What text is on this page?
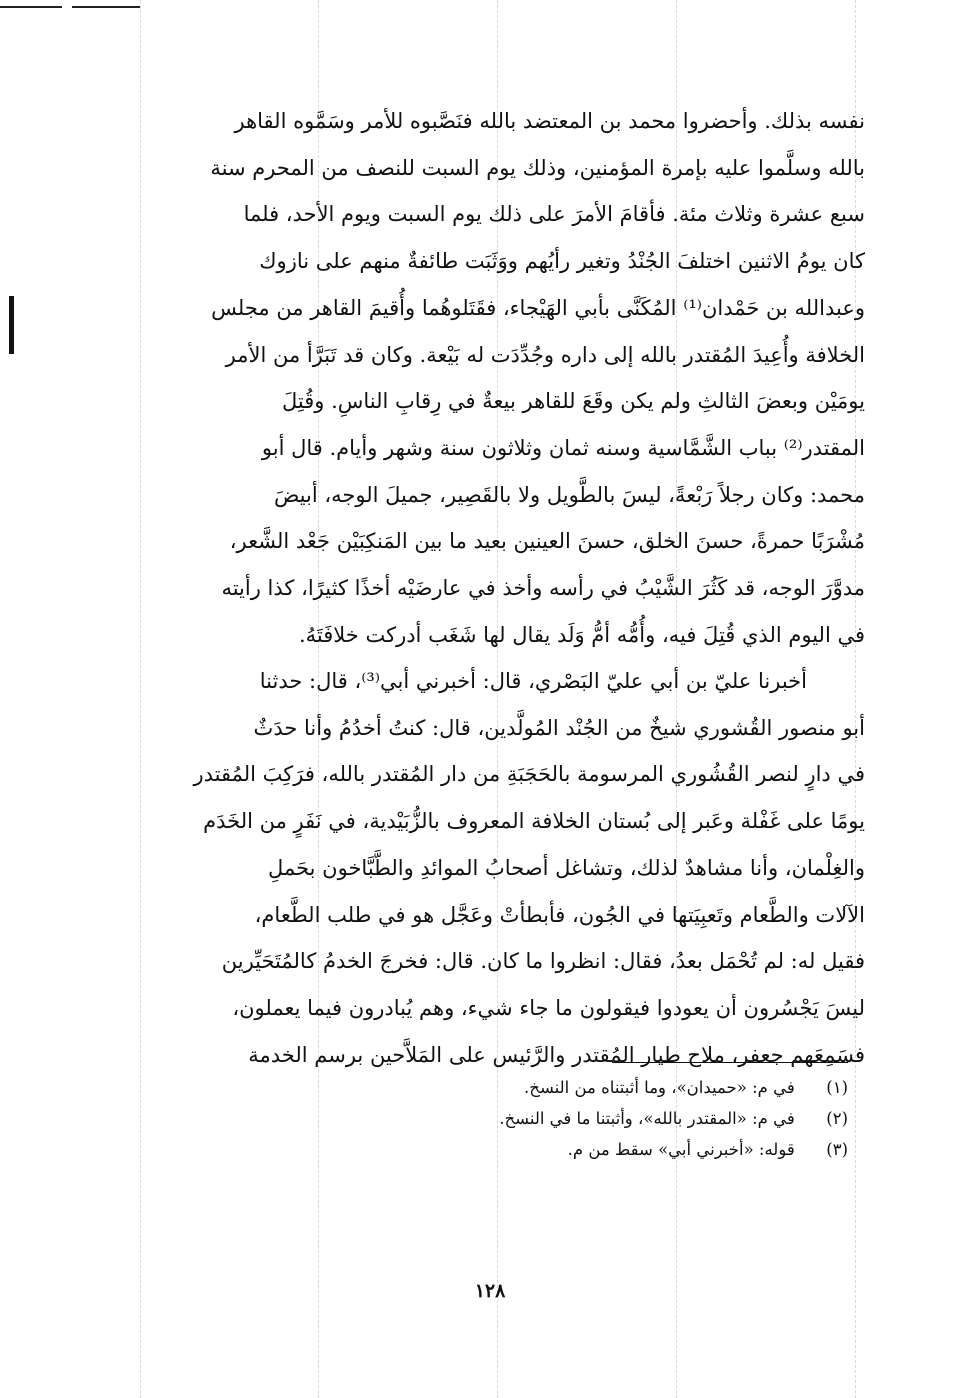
نفسه بذلك. وأحضروا محمد بن المعتضد بالله فنَصَّبوه للأمر وسَمَّوه القاهر
بالله وسلَّموا عليه بإمرة المؤمنين، وذلك يوم السبت للنصف من المحرم سنة
سبع عشرة وثلاث مئة. فأقامَ الأمرَ على ذلك يوم السبت ويوم الأحد، فلما
كان يومُ الاثنين اختلفَ الجُنْدُ وتغير رأيُهم ووَثَبَت طائفةٌ منهم على نازوك
وعبدالله بن حَمْدان⁽¹⁾ المُكَنَّى بأبي الهَيْجاء، فقَتَلوهُما وأُقيمَ القاهر من مجلس
الخلافة وأُعِيدَ المُقتدر بالله إلى داره وجُدِّدَت له بَيْعة. وكان قد تَبَرَّأ من الأمر
يومَيْن وبعضَ الثالثِ ولم يكن وقَعَ للقاهر بيعةٌ في رِقابِ الناسِ. وقُتِلَ
المقتدر⁽²⁾ بباب الشَّمَّاسية وسنه ثمان وثلاثون سنة وشهر وأيام. قال أبو
محمد: وكان رجلاً رَبْعةً، ليسَ بالطَّويل ولا بالقَصِير، جميلَ الوجه، أبيضَ
مُشْرَبًا حمرةً، حسنَ الخلق، حسنَ العينين بعيد ما بين المَنكِبَيْن جَعْد الشَّعر،
مدوَّرَ الوجه، قد كَثُرَ الشَّيْبُ في رأسه وأخذ في عارضَيْه أخذًا كثيرًا، كذا رأيته
في اليوم الذي قُتِلَ فيه، وأُمُّه أمُّ وَلَد يقال لها شَغَب أدركت خلافَتَهُ.
أخبرنا عليّ بن أبي عليّ البَصْري، قال: أخبرني أبي⁽³⁾، قال: حدثنا
أبو منصور القُشوري شيخٌ من الجُنْد المُولَّدين، قال: كنتُ أخدُمُ وأنا حدَثٌ
في دارٍ لنصر القُشُوري المرسومة بالحَجَبَةِ من دار المُقتدر بالله، فرَكِبَ المُقتدر
يومًا على غَفْلة وعَبر إلى بُستان الخلافة المعروف بالزُّبَيْدية، في نَفَرٍ من الخَدَم
والغِلْمان، وأنا مشاهدٌ لذلك، وتشاغل أصحابُ الموائدِ والطَّبَّاخون بحَملِ
الآلات والطَّعام وتَعبِيَتها في الجُون، فأبطأتْ وعَجَّل هو في طلب الطَّعام،
فقيل له: لم تُحْمَل بعدُ، فقال: انظروا ما كان. قال: فخرجَ الخدمُ كالمُتَحَيِّرين
ليسَ يَجْسُرون أن يعودوا فيقولون ما جاء شيء، وهم يُبادرون فيما يعملون،
فسَمِعَهم جعفر، ملاح طيار المُقتدر والرَّئيس على المَلاَّحين برسم الخدمة
(١) في م: «حميدان»، وما أثبتناه من النسخ.
(٢) في م: «المقتدر بالله»، وأثبتنا ما في النسخ.
(٣) قوله: «أخبرني أبي» سقط من م.
١٢٨
